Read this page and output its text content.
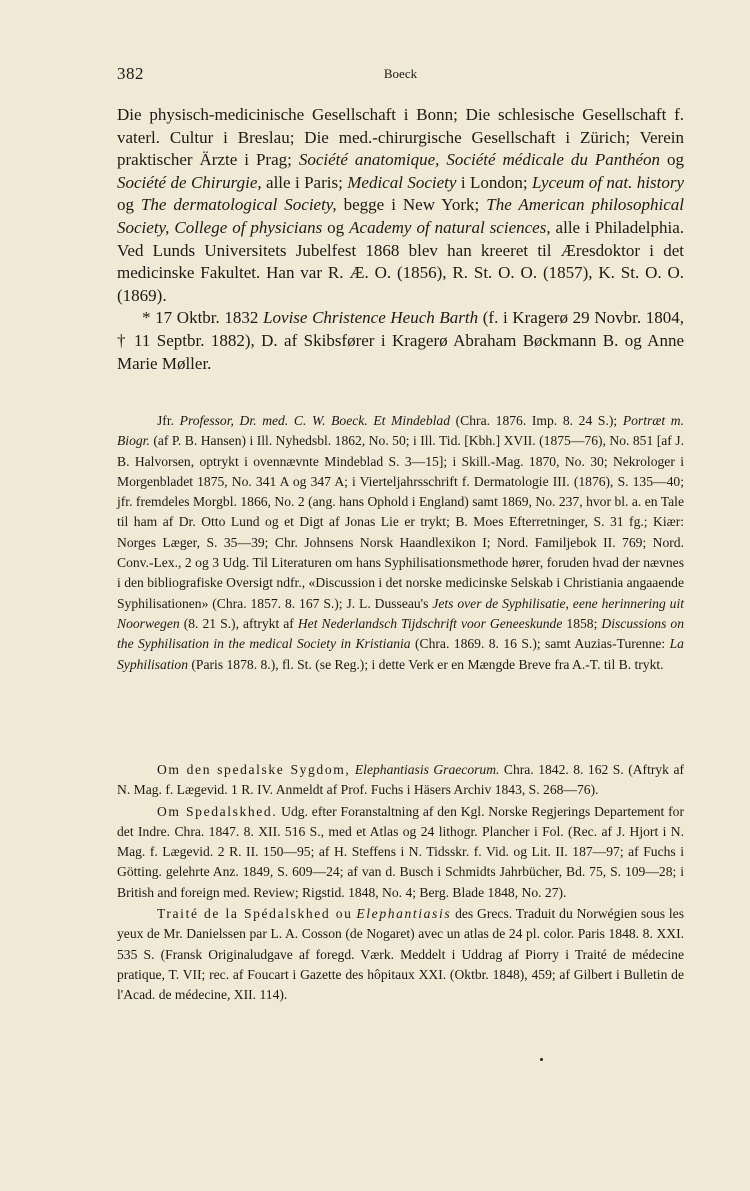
382	Boeck

Die physisch-medicinische Gesellschaft i Bonn; Die schlesische Gesellschaft f. vaterl. Cultur i Breslau; Die med.-chirurgische Gesellschaft i Zürich; Verein praktischer Ärzte i Prag; Société anatomique, Société médicale du Panthéon og Société de Chirurgie, alle i Paris; Medical Society i London; Lyceum of nat. history og The dermatological Society, begge i New York; The American philosophical Society, College of physicians og Academy of natural sciences, alle i Philadelphia. Ved Lunds Universitets Jubelfest 1868 blev han kreeret til Æresdoktor i det medicinske Fakultet. Han var R. Æ. O. (1856), R. St. O. O. (1857), K. St. O. O. (1869).

* 17 Oktbr. 1832 Lovise Christence Heuch Barth (f. i Kragerø 29 Novbr. 1804, † 11 Septbr. 1882), D. af Skibsfører i Kragerø Abraham Bøckmann B. og Anne Marie Møller.

Jfr. Professor, Dr. med. C. W. Boeck. Et Mindeblad (Chra. 1876. Imp. 8. 24 S.); Portræt m. Biogr. (af P. B. Hansen) i Ill. Nyhedsbl. 1862, No. 50; i Ill. Tid. [Kbh.] XVII. (1875—76), No. 851 [af J. B. Halvorsen, optrykt i ovennævnte Mindeblad S. 3—15]; i Skill.-Mag. 1870, No. 30; Nekrologer i Morgenbladet 1875, No. 341 A og 347 A; i Vierteljahrsschrift f. Dermatologie III. (1876), S. 135—40; jfr. fremdeles Morgbl. 1866, No. 2 (ang. hans Ophold i England) samt 1869, No. 237, hvor bl. a. en Tale til ham af Dr. Otto Lund og et Digt af Jonas Lie er trykt; B. Moes Efterretninger, S. 31 fg.; Kiær: Norges Læger, S. 35—39; Chr. Johnsens Norsk Haandlexikon I; Nord. Familjebok II. 769; Nord. Conv.-Lex., 2 og 3 Udg. Til Literaturen om hans Syphilisationsmethode hører, foruden hvad der nævnes i den bibliografiske Oversigt ndfr., «Discussion i det norske medicinske Selskab i Christiania angaaende Syphilisationen» (Chra. 1857. 8. 167 S.); J. L. Dusseau's Jets over de Syphilisatie, eene herinnering uit Noorwegen (8. 21 S.), aftrykt af Het Nederlandsch Tijdschrift voor Geneeskunde 1858; Discussions on the Syphilisation in the medical Society in Kristiania (Chra. 1869. 8. 16 S.); samt Auzias-Turenne: La Syphilisation (Paris 1878. 8.), fl. St. (se Reg.); i dette Verk er en Mængde Breve fra A.-T. til B. trykt.

Om den spedalske Sygdom, Elephantiasis Graecorum. Chra. 1842. 8. 162 S. (Aftryk af N. Mag. f. Lægevid. 1 R. IV. Anmeldt af Prof. Fuchs i Häsers Archiv 1843, S. 268—76).

Om Spedalskhed. Udg. efter Foranstaltning af den Kgl. Norske Regjerings Departement for det Indre. Chra. 1847. 8. XII. 516 S., med et Atlas og 24 lithogr. Plancher i Fol. (Rec. af J. Hjort i N. Mag. f. Lægevid. 2 R. II. 150—95; af H. Steffens i N. Tidsskr. f. Vid. og Lit. II. 187—97; af Fuchs i Götting. gelehrte Anz. 1849, S. 609—24; af van d. Busch i Schmidts Jahrbücher, Bd. 75, S. 109—28; i British and foreign med. Review; Rigstid. 1848, No. 4; Berg. Blade 1848, No. 27).

Traité de la Spédalskhed ou Elephantiasis des Grecs. Traduit du Norwégien sous les yeux de Mr. Danielssen par L. A. Cosson (de Nogaret) avec un atlas de 24 pl. color. Paris 1848. 8. XXI. 535 S. (Fransk Originaludgave af foregd. Værk. Meddelt i Uddrag af Piorry i Traité de médecine pratique, T. VII; rec. af Foucart i Gazette des hôpitaux XXI. (Oktbr. 1848), 459; af Gilbert i Bulletin de l'Acad. de médecine, XII. 114).
